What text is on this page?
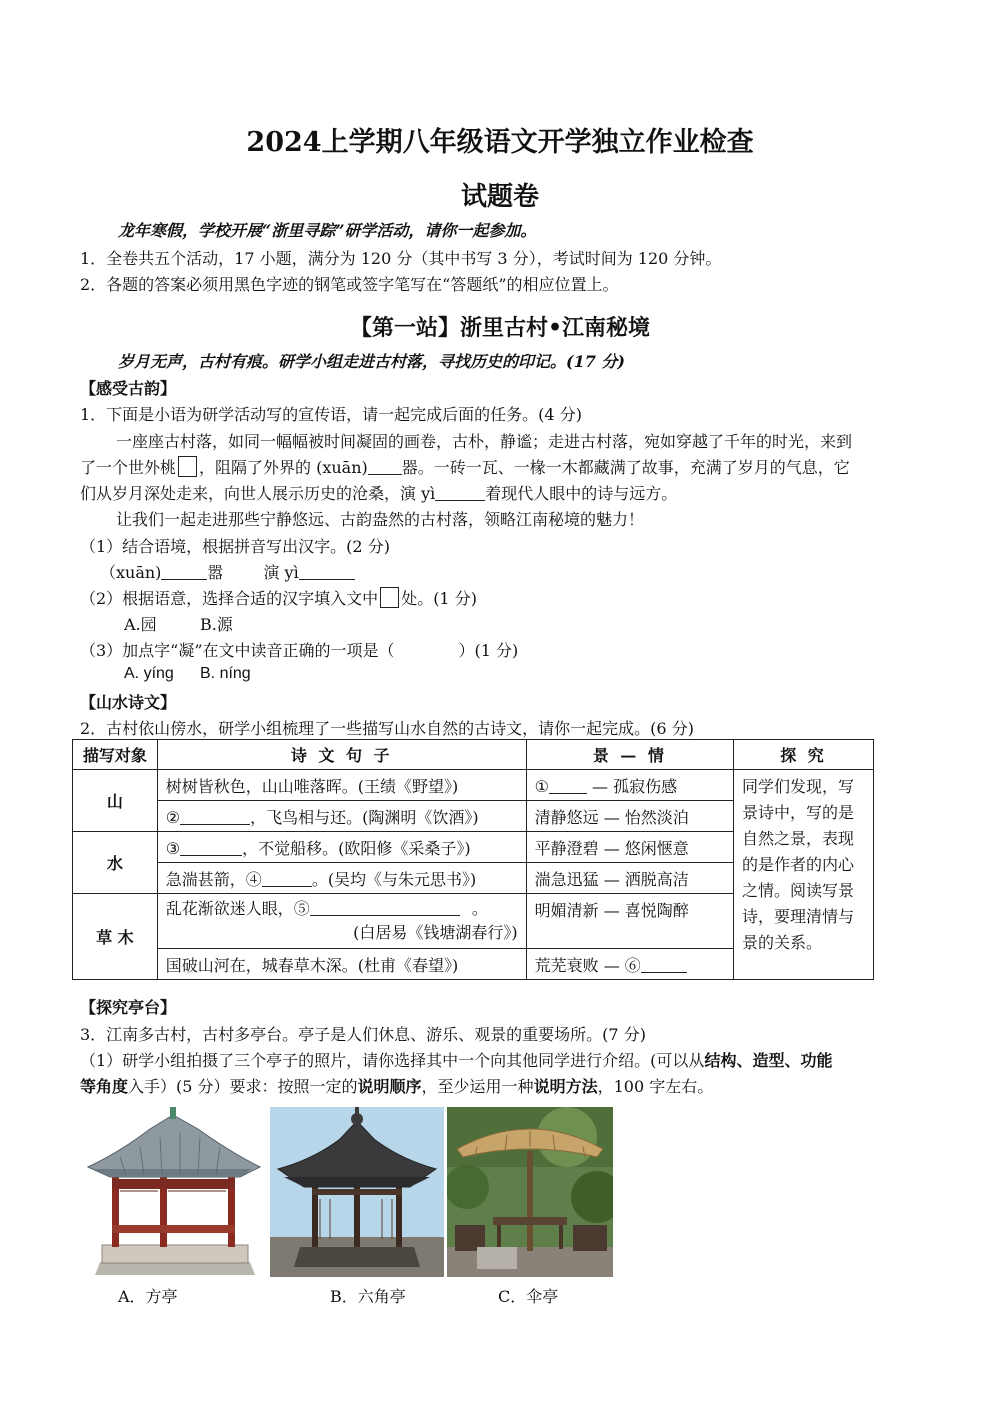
2024上学期八年级语文开学独立作业检查
试题卷
龙年寒假，学校开展“浙里寻踪”研学活动，请你一起参加。
1．全卷共五个活动，17 小题，满分为 120 分（其中书写 3 分），考试时间为 120 分钟。
2．各题的答案必须用黑色字迹的钢笔或签字笔写在“答题纸”的相应位置上。
【第一站】浙里古村•江南秘境
岁月无声，古村有痕。研学小组走进古村落，寻找历史的印记。(17 分)
【感受古韵】
1．下面是小语为研学活动写的宣传语，请一起完成后面的任务。(4 分)
一座座古村落，如同一幅幅被时间凝固的画卷，古朴，静谧；走进古村落，宛如穿越了千年的时光，来到
了一个世外桃 ，阻隔了外界的 (xuān) 器。一砖一瓦、一椽一木都藏满了故事，充满了岁月的气息，它
们从岁月深处走来，向世人展示历史的沧桑，演 yì	着现代人眼中的诗与远方。
让我们一起走进那些宁静悠远、古韵盎然的古村落，领略江南秘境的魅力！
（1）结合语境，根据拼音写出汉字。(2 分)
（xuān)	嚣	演 yì
（2）根据语意，选择合适的汉字填入文中 处。(1 分)
A.园	B.源
（3）加点字“凝”在文中读音正确的一项是（　　　　）(1 分)
A. yíng B. níng
【山水诗文】
2．古村依山傍水，研学小组梳理了一些描写山水自然的古诗文，请你一起完成。(6 分)
描写对象	诗 文 句 子	景 — 情	探 究
山	树树皆秋色，山山唯落晖。(王绩《野望》)	① — 孤寂伤感	同学们发现，写景诗中，写的是自然之景，表现的是作者的内心之情。阅读写景诗，要理清情与景的关系。
	② ，飞鸟相与还。(陶渊明《饮酒》)	清静悠远 — 怡然淡泊	
水	③ ，不觉船移。(欧阳修《采桑子》)	平静澄碧 — 悠闲惬意	
	急湍甚箭，④ 。(吴均《与朱元思书》)	湍急迅猛 — 洒脱高洁	
草 木	乱花渐欲迷人眼，⑤ 。
(白居易《钱塘湖春行》)	明媚清新 — 喜悦陶醉	
	国破山河在，城春草木深。(杜甫《春望》)	荒芜衰败 — ⑥	
【探究亭台】
3．江南多古村，古村多亭台。亭子是人们休息、游乐、观景的重要场所。(7 分)
（1）研学小组拍摄了三个亭子的照片，请你选择其中一个向其他同学进行介绍。(可以从结构、造型、功能
等角度入手）(5 分）要求：按照一定的说明顺序，至少运用一种说明方法，100 字左右。
A．方亭	B．六角亭	C．伞亭
